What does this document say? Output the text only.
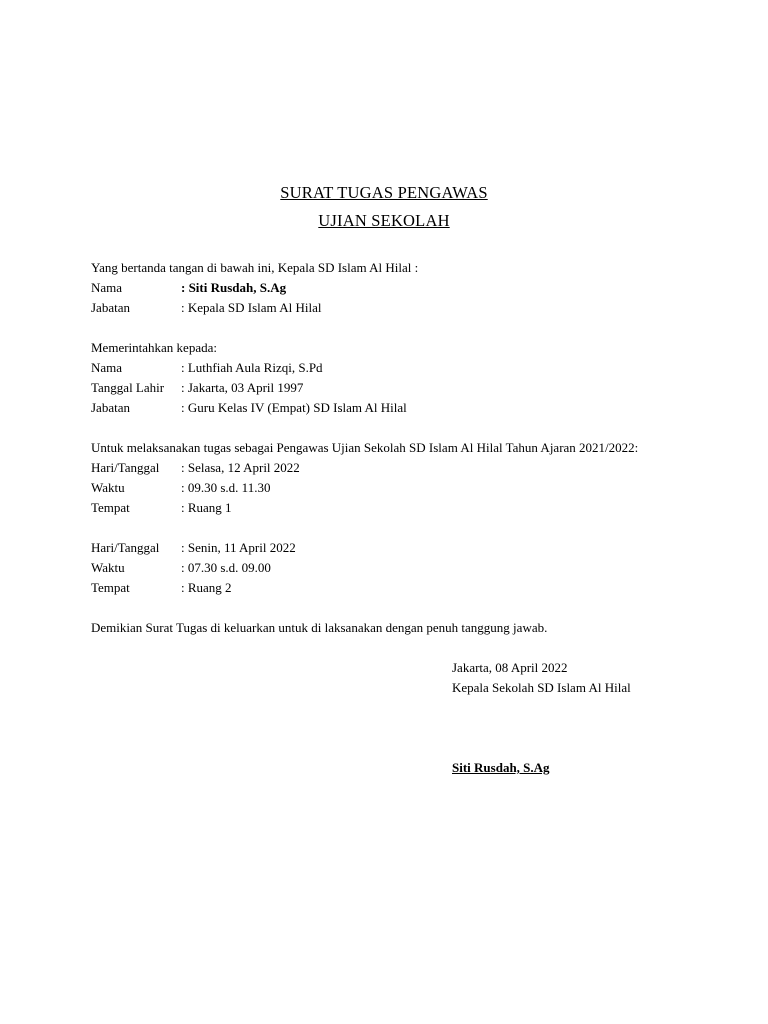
SURAT TUGAS PENGAWAS
UJIAN SEKOLAH
Yang bertanda tangan di bawah ini, Kepala SD Islam Al Hilal :
Nama	: Siti Rusdah, S.Ag
Jabatan	: Kepala SD Islam Al Hilal
Memerintahkan kepada:
Nama	: Luthfiah Aula Rizqi, S.Pd
Tanggal Lahir : Jakarta, 03 April 1997
Jabatan	: Guru Kelas IV (Empat) SD Islam Al Hilal
Untuk melaksanakan tugas sebagai Pengawas Ujian Sekolah SD Islam Al Hilal Tahun Ajaran 2021/2022:
Hari/Tanggal : Selasa, 12 April 2022
Waktu	: 09.30 s.d. 11.30
Tempat	: Ruang 1
Hari/Tanggal : Senin, 11 April 2022
Waktu	: 07.30 s.d. 09.00
Tempat	: Ruang 2
Demikian Surat Tugas di keluarkan untuk di laksanakan dengan penuh tanggung jawab.
Jakarta, 08 April 2022
Kepala Sekolah SD Islam Al Hilal
Siti Rusdah, S.Ag
